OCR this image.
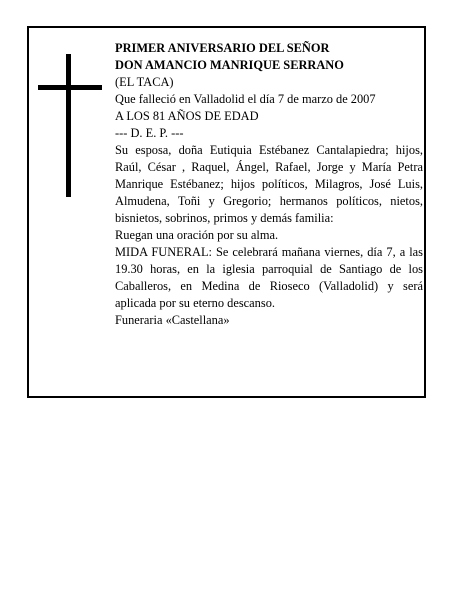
PRIMER ANIVERSARIO DEL SEÑOR
DON AMANCIO MANRIQUE SERRANO
(EL TACA)
Que falleció en Valladolid el día 7 de marzo de 2007
A LOS 81 AÑOS DE EDAD
--- D. E. P. ---
Su esposa, doña Eutiquia Estébanez Cantalapiedra; hijos, Raúl, César , Raquel, Ángel, Rafael, Jorge y María Petra Manrique Estébanez; hijos políticos, Milagros, José Luis, Almudena, Toñi y Gregorio; hermanos políticos, nietos, bisnietos, sobrinos, primos y demás familia:
Ruegan una oración por su alma.
MIDA FUNERAL: Se celebrará mañana viernes, día 7, a las 19.30 horas, en la iglesia parroquial de Santiago de los Caballeros, en Medina de Rioseco (Valladolid) y será aplicada por su eterno descanso.
Funeraria «Castellana»
